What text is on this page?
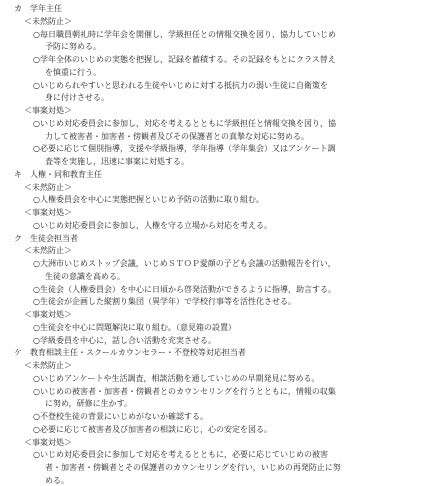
カ　学年主任
＜未然防止＞
○毎日職員朝礼時に学年会を開催し，学級担任との情報交換を図り，協力していじめ
予防に努める。
○学年全体のいじめの実態を把握し，記録を蓄積する。その記録をもとにクラス替え
を慎重に行う。
○いじめられやすいと思われる生徒やいじめに対する抵抗力の弱い生徒に自衛策を
身に付けさせる。
＜事案対処＞
○いじめ対応委員会に参加し，対応を考えるとともに学級担任と情報交換を図り，協
力して被害者・加害者・傍観者及びその保護者との真摯な対応に努める。
○必要に応じて個別指導，支援や学級指導，学年指導（学年集会）又はアンケート調
査等を実施し，迅速に事案に対処する。
キ　人権・同和教育主任
＜未然防止＞
○人権委員会を中心に実態把握といじめ予防の活動に取り組む。
＜事案対処＞
○いじめ対応委員会に参加し，人権を守る立場から対応を考える。
ク　生徒会担当者
＜未然防止＞
○大洲市いじめストップ会議，いじめＳＴＯＰ愛顔の子ども会議の活動報告を行い，
生徒の意識を高める。
○生徒会（人権委員会）を中心に日頃から啓発活動ができるように指導，助言する。
○生徒会が企画した縦割り集団（異学年）で学校行事等を活性化させる。
＜事案対処＞
○生徒会を中心に問題解決に取り組む。（意見箱の設置）
○学級委員を中心に，話し合い活動を充実させる。
ケ　教育相談主任・スクールカウンセラー・不登校等対応担当者
＜未然防止＞
○いじめアンケートや生活調査，相談活動を通していじめの早期発見に努める。
○いじめの被害者・加害者・傍観者とのカウンセリングを行うとともに，情報の収集
に努め，研修に生かす。
○不登校生徒の背景にいじめがないか確認する。
○必要に応じて被害者及び加害者の相談に応じ，心の安定を図る。
＜事案対処＞
○いじめ対応委員会に参加して対応を考えるとともに，必要に応じていじめの被害
者・加害者・傍観者とその保護者のカウンセリングを行い，いじめの再発防止に努
める。
